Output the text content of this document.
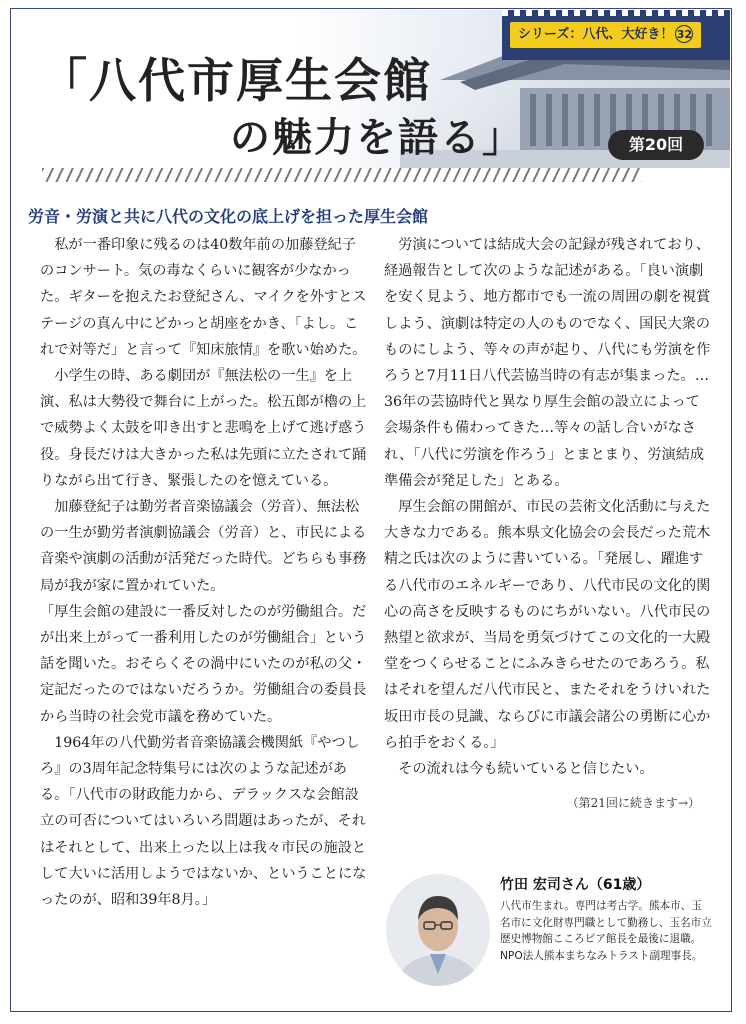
シリーズ：八代、大好き！ 32
「八代市厚生会館
の魅力を語る」	第20回
労音・労演と共に八代の文化の底上げを担った厚生会館

私が一番印象に残るのは40数年前の加藤登紀子のコンサート。気の毒なくらいに観客が少なかった。ギターを抱えたお登紀さん、マイクを外すとステージの真ん中にどかっと胡座をかき、「よし。これで対等だ」と言って『知床旅情』を歌い始めた。

小学生の時、ある劇団が『無法松の一生』を上演、私は大勢役で舞台に上がった。松五郎が櫓の上で威勢よく太鼓を叩き出すと悲鳴を上げて逃げ惑う役。身長だけは大きかった私は先頭に立たされて踊りながら出て行き、緊張したのを憶えている。

加藤登紀子は勤労者音楽協議会（労音）、無法松の一生が勤労者演劇協議会（労音）と、市民による音楽や演劇の活動が活発だった時代。どちらも事務局が我が家に置かれていた。

「厚生会館の建設に一番反対したのが労働組合。だが出来上がって一番利用したのが労働組合」という話を聞いた。おそらくその渦中にいたのが私の父・定記だったのではないだろうか。労働組合の委員長から当時の社会党市議を務めていた。

1964年の八代勤労者音楽協議会機関紙『やつしろ』の3周年記念特集号には次のような記述がある。「八代市の財政能力から、デラックスな会館設立の可否についてはいろいろ問題はあったが、それはそれとして、出来上った以上は我々市民の施設として大いに活用しようではないか、ということになったのが、昭和39年8月。」

労演については結成大会の記録が残されており、経過報告として次のような記述がある。「良い演劇を安く見よう、地方都市でも一流の周囲の劇を視賞しよう、演劇は特定の人のものでなく、国民大衆のものにしよう、等々の声が起り、八代にも労演を作ろうと7月11日八代芸協当時の有志が集まった。…36年の芸協時代と異なり厚生会館の設立によって会場条件も備わってきた…等々の話し合いがなされ、「八代に労演を作ろう」とまとまり、労演結成準備会が発足した」とある。

厚生会館の開館が、市民の芸術文化活動に与えた大きな力である。熊本県文化協会の会長だった荒木精之氏は次のように書いている。「発展し、躍進する八代市のエネルギーであり、八代市民の文化的関心の高さを反映するものにちがいない。八代市民の熱望と欲求が、当局を勇気づけてこの文化的一大殿堂をつくらせることにふみきらせたのであろう。私はそれを望んだ八代市民と、またそれをうけいれた坂田市長の見識、ならびに市議会諸公の勇断に心から拍手をおくる。」

その流れは今も続いていると信じたい。

（第21回に続きます→）
竹田 宏司さん（61歳）
八代市生まれ。専門は考古学。熊本市、玉名市に文化財専門職として勤務し、玉名市立歴史博物館こころピア館長を最後に退職。NPO法人熊本まちなみトラスト副理事長。
